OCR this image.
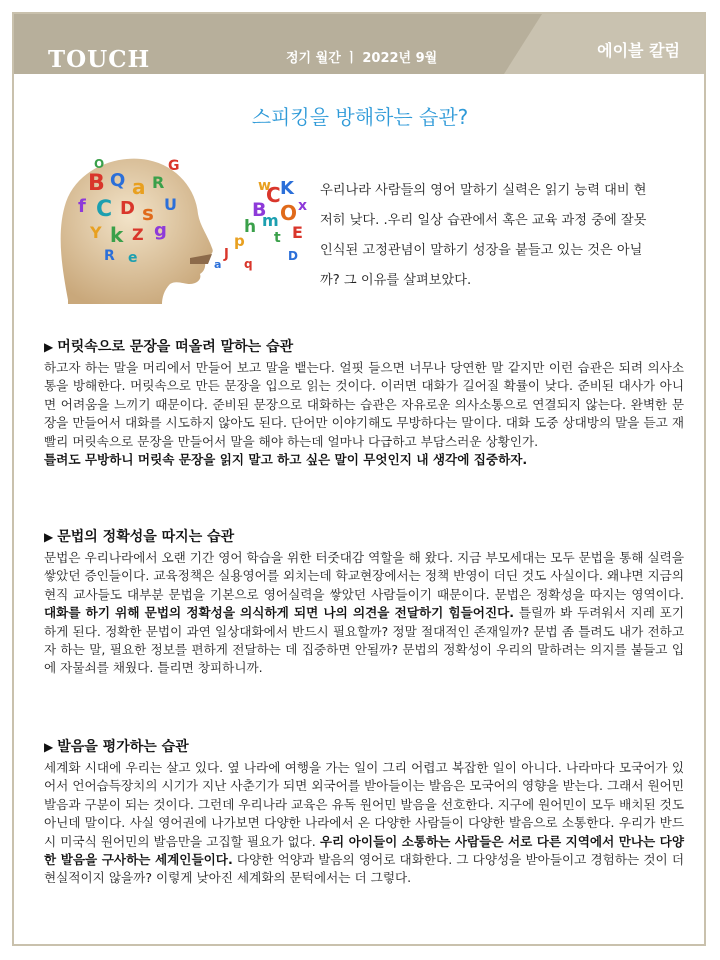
TOUCH	정기 월간 ㅣ 2022년 9월	에이블 칼럼
스피킹을 방해하는 습관?
B Q a R
f C D s U
Y k Z g
R e
G
O
a
J
p
h
B
C K
m O
t E
w
x
D
q
우리나라 사람들의 영어 말하기 실력은 읽기 능력 대비 현저히 낮다. .우리 일상 습관에서 혹은 교육 과정 중에 잘못 인식된 고정관념이 말하기 성장을 붙들고 있는 것은 아닐까? 그 이유를 살펴보았다.
▶ 머릿속으로 문장을 떠올려 말하는 습관

하고자 하는 말을 머리에서 만들어 보고 말을 뱉는다. 얼핏 들으면 너무나 당연한 말 같지만 이런 습관은 되려 의사소통을 방해한다. 머릿속으로 만든 문장을 입으로 읽는 것이다. 이러면 대화가 길어질 확률이 낮다. 준비된 대사가 아니면 어려움을 느끼기 때문이다. 준비된 문장으로 대화하는 습관은 자유로운 의사소통으로 연결되지 않는다. 완벽한 문장을 만들어서 대화를 시도하지 않아도 된다. 단어만 이야기해도 무방하다는 말이다. 대화 도중 상대방의 말을 듣고 재빨리 머릿속으로 문장을 만들어서 말을 해야 하는데 얼마나 다급하고 부담스러운 상황인가.
틀려도 무방하니 머릿속 문장을 읽지 말고 하고 싶은 말이 무엇인지 내 생각에 집중하자.

▶ 문법의 정확성을 따지는 습관

문법은 우리나라에서 오랜 기간 영어 학습을 위한 터줏대감 역할을 해 왔다. 지금 부모세대는 모두 문법을 통해 실력을 쌓았던 증인들이다. 교육정책은 실용영어를 외치는데 학교현장에서는 정책 반영이 더딘 것도 사실이다. 왜냐면 지금의 현직 교사들도 대부분 문법을 기본으로 영어실력을 쌓았던 사람들이기 때문이다. 문법은 정확성을 따지는 영역이다. 대화를 하기 위해 문법의 정확성을 의식하게 되면 나의 의견을 전달하기 힘들어진다. 틀릴까 봐 두려워서 지레 포기하게 된다. 정확한 문법이 과연 일상대화에서 반드시 필요할까? 정말 절대적인 존재일까? 문법 좀 틀려도 내가 전하고자 하는 말, 필요한 정보를 편하게 전달하는 데 집중하면 안될까? 문법의 정확성이 우리의 말하려는 의지를 붙들고 입에 자물쇠를 채웠다. 틀리면 창피하니까.

▶ 발음을 평가하는 습관

세계화 시대에 우리는 살고 있다. 옆 나라에 여행을 가는 일이 그리 어렵고 복잡한 일이 아니다. 나라마다 모국어가 있어서 언어습득장치의 시기가 지난 사춘기가 되면 외국어를 받아들이는 발음은 모국어의 영향을 받는다. 그래서 원어민 발음과 구분이 되는 것이다. 그런데 우리나라 교육은 유독 원어민 발음을 선호한다. 지구에 원어민이 모두 배치된 것도 아닌데 말이다. 사실 영어권에 나가보면 다양한 나라에서 온 다양한 사람들이 다양한 발음으로 소통한다. 우리가 반드시 미국식 원어민의 발음만을 고집할 필요가 없다. 우리 아이들이 소통하는 사람들은 서로 다른 지역에서 만나는 다양한 발음을 구사하는 세계인들이다. 다양한 억양과 발음의 영어로 대화한다. 그 다양성을 받아들이고 경험하는 것이 더 현실적이지 않을까? 이렇게 낮아진 세계화의 문턱에서는 더 그렇다.
